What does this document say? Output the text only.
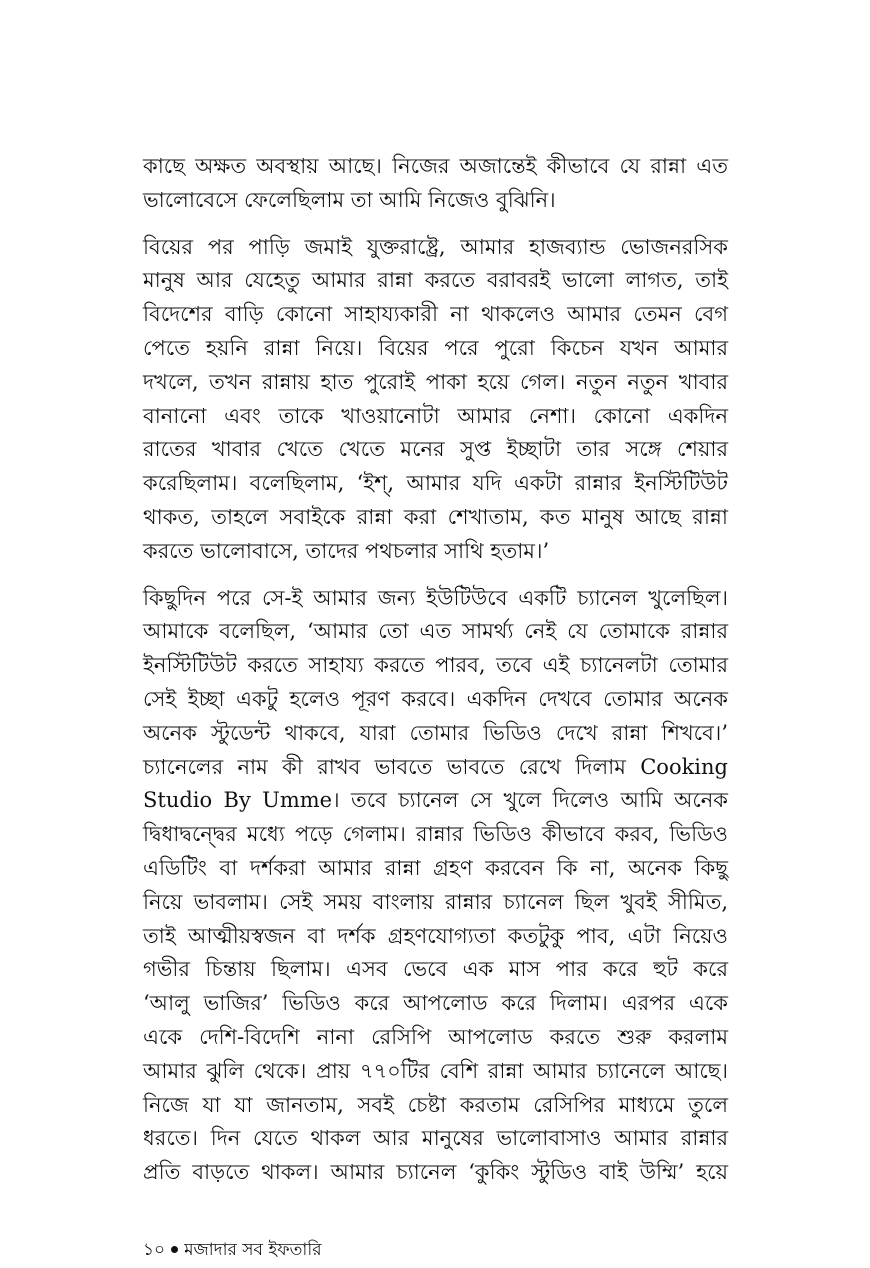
কাছে অক্ষত অবস্থায় আছে। নিজের অজান্তেই কীভাবে যে রান্না এত
ভালোবেসে ফেলেছিলাম তা আমি নিজেও বুঝিনি।

বিয়ের পর পাড়ি জমাই যুক্তরাষ্ট্রে, আমার হাজব্যান্ড ভোজনরসিক
মানুষ আর যেহেতু আমার রান্না করতে বরাবরই ভালো লাগত, তাই
বিদেশের বাড়ি কোনো সাহায্যকারী না থাকলেও আমার তেমন বেগ
পেতে হয়নি রান্না নিয়ে। বিয়ের পরে পুরো কিচেন যখন আমার
দখলে, তখন রান্নায় হাত পুরোই পাকা হয়ে গেল। নতুন নতুন খাবার
বানানো এবং তাকে খাওয়ানোটা আমার নেশা। কোনো একদিন
রাতের খাবার খেতে খেতে মনের সুপ্ত ইচ্ছাটা তার সঙ্গে শেয়ার
করেছিলাম। বলেছিলাম, ‘ইশ্, আমার যদি একটা রান্নার ইনস্টিটিউট
থাকত, তাহলে সবাইকে রান্না করা শেখাতাম, কত মানুষ আছে রান্না
করতে ভালোবাসে, তাদের পথচলার সাথি হতাম।’

কিছুদিন পরে সে-ই আমার জন্য ইউটিউবে একটি চ্যানেল খুলেছিল।
আমাকে বলেছিল, ‘আমার তো এত সামর্থ্য নেই যে তোমাকে রান্নার
ইনস্টিটিউট করতে সাহায্য করতে পারব, তবে এই চ্যানেলটা তোমার
সেই ইচ্ছা একটু হলেও পূরণ করবে। একদিন দেখবে তোমার অনেক
অনেক স্টুডেন্ট থাকবে, যারা তোমার ভিডিও দেখে রান্না শিখবে।’
চ্যানেলের নাম কী রাখব ভাবতে ভাবতে রেখে দিলাম Cooking
Studio By Umme। তবে চ্যানেল সে খুলে দিলেও আমি অনেক
দ্বিধাদ্বন্দ্বের মধ্যে পড়ে গেলাম। রান্নার ভিডিও কীভাবে করব, ভিডিও
এডিটিং বা দর্শকরা আমার রান্না গ্রহণ করবেন কি না, অনেক কিছু
নিয়ে ভাবলাম। সেই সময় বাংলায় রান্নার চ্যানেল ছিল খুবই সীমিত,
তাই আত্মীয়স্বজন বা দর্শক গ্রহণযোগ্যতা কতটুকু পাব, এটা নিয়েও
গভীর চিন্তায় ছিলাম। এসব ভেবে এক মাস পার করে হুট করে
‘আলু ভাজির’ ভিডিও করে আপলোড করে দিলাম। এরপর একে
একে দেশি-বিদেশি নানা রেসিপি আপলোড করতে শুরু করলাম
আমার ঝুলি থেকে। প্রায় ৭৭০টির বেশি রান্না আমার চ্যানেলে আছে।
নিজে যা যা জানতাম, সবই চেষ্টা করতাম রেসিপির মাধ্যমে তুলে
ধরতে। দিন যেতে থাকল আর মানুষের ভালোবাসাও আমার রান্নার
প্রতি বাড়তে থাকল। আমার চ্যানেল ‘কুকিং স্টুডিও বাই উম্মি’ হয়ে

১০ মজাদার সব ইফতারি
